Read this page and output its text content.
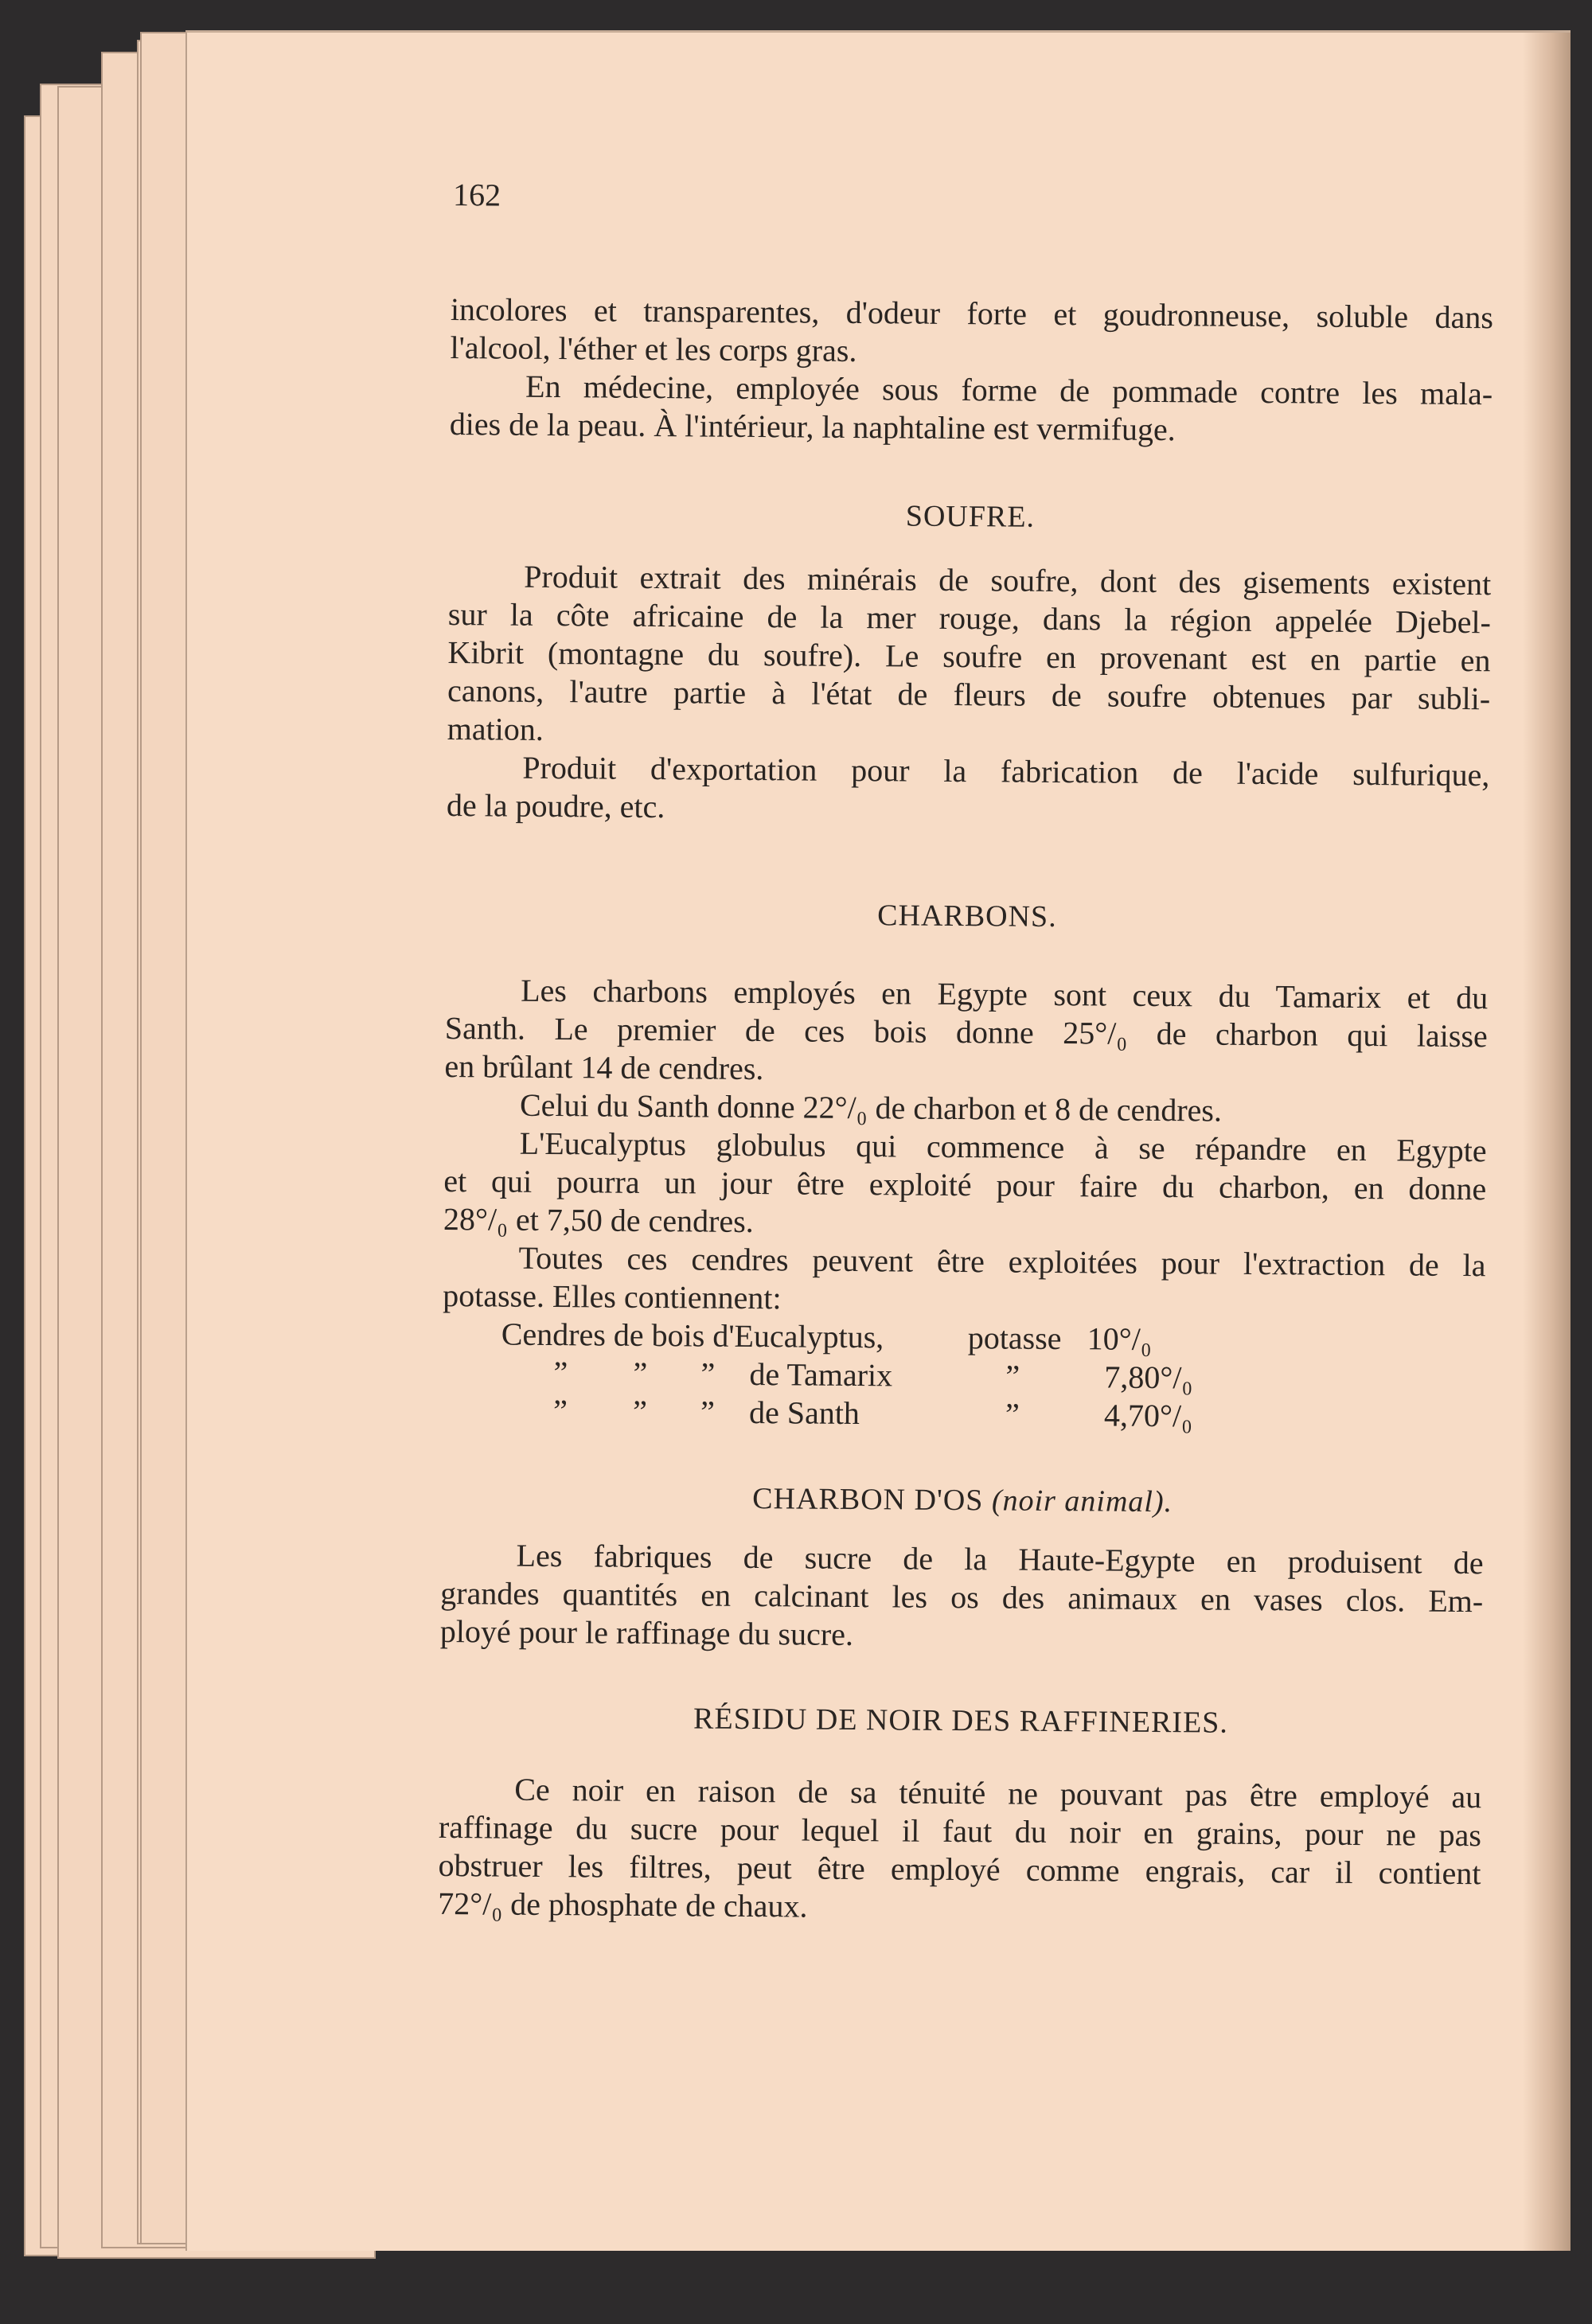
162
incolores et transparentes, d'odeur forte et goudronneuse, soluble dans
l'alcool, l'éther et les corps gras.
En médecine, employée sous forme de pommade contre les mala-
dies de la peau. À l'intérieur, la naphtaline est vermifuge.
SOUFRE.
Produit extrait des minérais de soufre, dont des gisements existent
sur la côte africaine de la mer rouge, dans la région appelée Djebel-
Kibrit (montagne du soufre). Le soufre en provenant est en partie en
canons, l'autre partie à l'état de fleurs de soufre obtenues par subli-
mation.
Produit d'exportation pour la fabrication de l'acide sulfurique,
de la poudre, etc.
CHARBONS.
Les charbons employés en Egypte sont ceux du Tamarix et du
Santh. Le premier de ces bois donne 25°/₀ de charbon qui laisse
en brûlant 14 de cendres.
Celui du Santh donne 22°/₀ de charbon et 8 de cendres.
L'Eucalyptus globulus qui commence à se répandre en Egypte
et qui pourra un jour être exploité pour faire du charbon, en donne
28°/₀ et 7,50 de cendres.
Toutes ces cendres peuvent être exploitées pour l'extraction de la
potasse. Elles contiennent:
Cendres de bois d'Eucalyptus,	potasse 10°/₀
” ” ” de Tamarix	”	7,80°/₀
” ” ” de Santh	”	4,70°/₀
CHARBON D'OS (noir animal).
Les fabriques de sucre de la Haute-Egypte en produisent de
grandes quantités en calcinant les os des animaux en vases clos. Em-
ployé pour le raffinage du sucre.
RÉSIDU DE NOIR DES RAFFINERIES.
Ce noir en raison de sa ténuité ne pouvant pas être employé au
raffinage du sucre pour lequel il faut du noir en grains, pour ne pas
obstruer les filtres, peut être employé comme engrais, car il contient
72°/₀ de phosphate de chaux.
